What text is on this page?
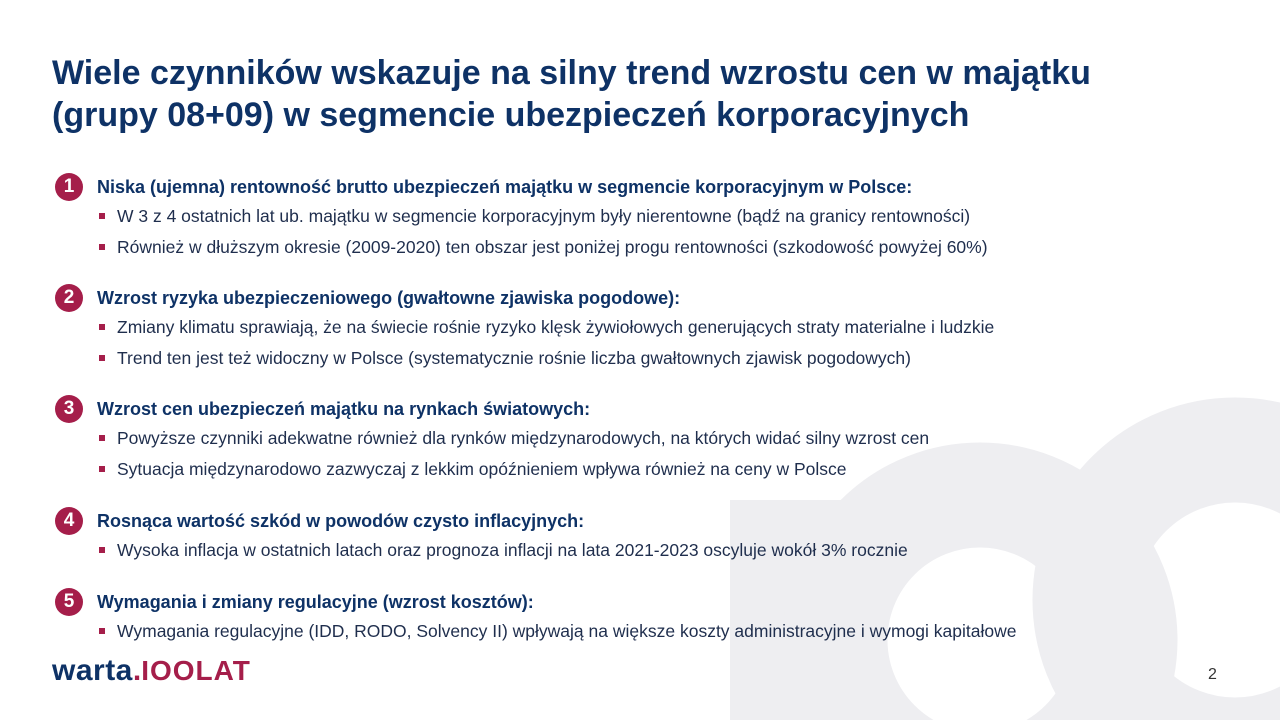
Wiele czynników wskazuje na silny trend wzrostu cen w majątku
(grupy 08+09) w segmencie ubezpieczeń korporacyjnych
1	Niska (ujemna) rentowność brutto ubezpieczeń majątku w segmencie korporacyjnym w Polsce:
W 3 z 4 ostatnich lat ub. majątku w segmencie korporacyjnym były nierentowne (bądź na granicy rentowności)
Również w dłuższym okresie (2009-2020) ten obszar jest poniżej progu rentowności (szkodowość powyżej 60%)
2	Wzrost ryzyka ubezpieczeniowego (gwałtowne zjawiska pogodowe):
Zmiany klimatu sprawiają, że na świecie rośnie ryzyko klęsk żywiołowych generujących straty materialne i ludzkie
Trend ten jest też widoczny w Polsce (systematycznie rośnie liczba gwałtownych zjawisk pogodowych)
3	Wzrost cen ubezpieczeń majątku na rynkach światowych:
Powyższe czynniki adekwatne również dla rynków międzynarodowych, na których widać silny wzrost cen
Sytuacja międzynarodowo zazwyczaj z lekkim opóźnieniem wpływa również na ceny w Polsce
4	Rosnąca wartość szkód w powodów czysto inflacyjnych:
Wysoka inflacja w ostatnich latach oraz prognoza inflacji na lata 2021-2023 oscyluje wokół 3% rocznie
5	Wymagania i zmiany regulacyjne (wzrost kosztów):
Wymagania regulacyjne (IDD, RODO, Solvency II) wpływają na większe koszty administracyjne i wymogi kapitałowe
warta . IOOLAT	2
